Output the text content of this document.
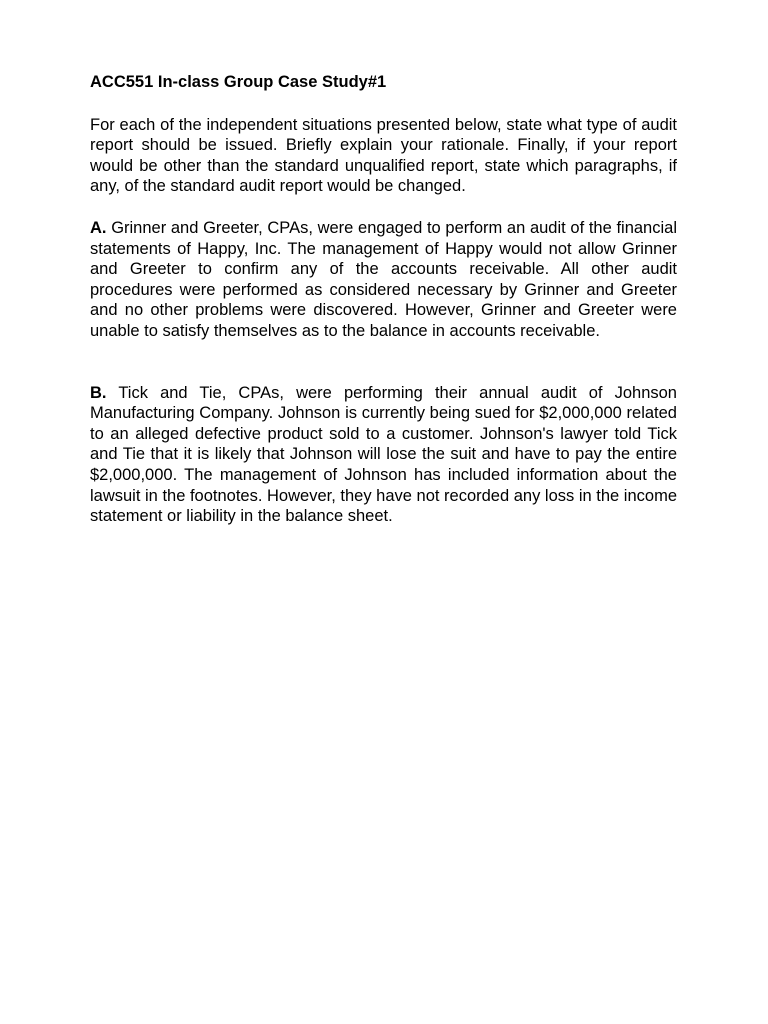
ACC551 In-class Group Case Study#1

For each of the independent situations presented below, state what type of audit report should be issued. Briefly explain your rationale. Finally, if your report would be other than the standard unqualified report, state which paragraphs, if any, of the standard audit report would be changed.

A. Grinner and Greeter, CPAs, were engaged to perform an audit of the financial statements of Happy, Inc. The management of Happy would not allow Grinner and Greeter to confirm any of the accounts receivable. All other audit procedures were performed as considered necessary by Grinner and Greeter and no other problems were discovered. However, Grinner and Greeter were unable to satisfy themselves as to the balance in accounts receivable.

B. Tick and Tie, CPAs, were performing their annual audit of Johnson Manufacturing Company. Johnson is currently being sued for $2,000,000 related to an alleged defective product sold to a customer. Johnson's lawyer told Tick and Tie that it is likely that Johnson will lose the suit and have to pay the entire $2,000,000. The management of Johnson has included information about the lawsuit in the footnotes. However, they have not recorded any loss in the income statement or liability in the balance sheet.
